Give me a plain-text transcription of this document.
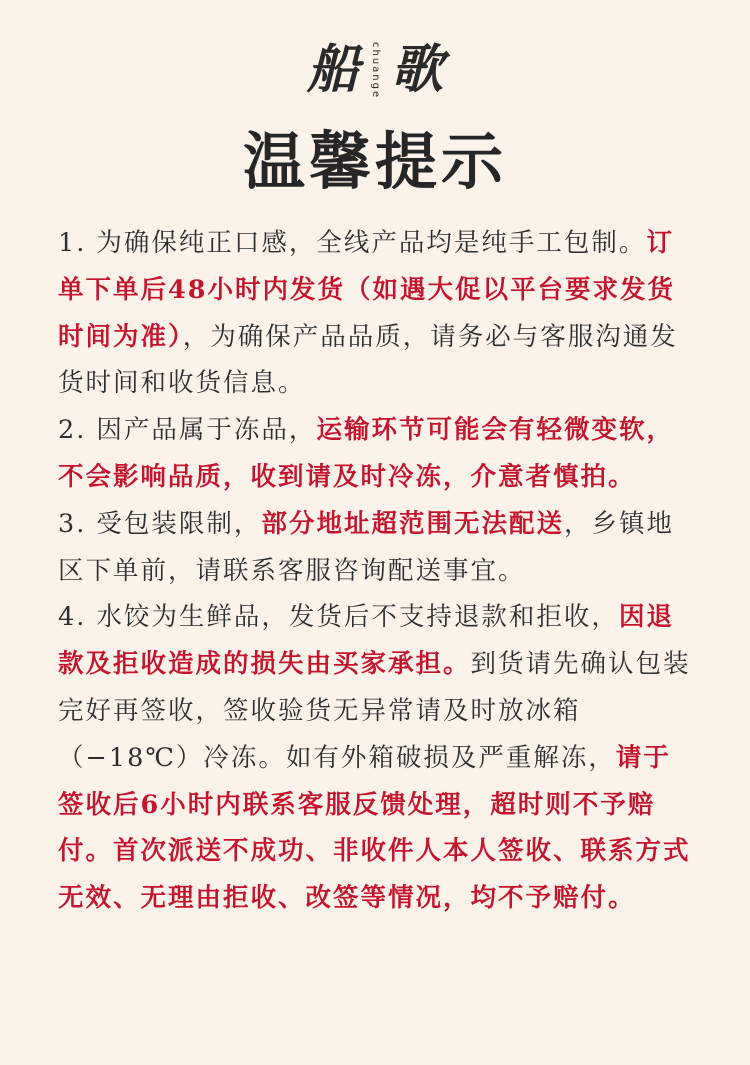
船 chuange 歌
温馨提示

1. 为确保纯正口感，全线产品均是纯手工包制。订单下单后48小时内发货（如遇大促以平台要求发货时间为准），为确保产品品质，请务必与客服沟通发货时间和收货信息。

2. 因产品属于冻品，运输环节可能会有轻微变软，不会影响品质，收到请及时冷冻，介意者慎拍。

3. 受包装限制，部分地址超范围无法配送，乡镇地区下单前，请联系客服咨询配送事宜。

4. 水饺为生鲜品，发货后不支持退款和拒收，因退款及拒收造成的损失由买家承担。到货请先确认包装完好再签收，签收验货无异常请及时放冰箱（−18℃）冷冻。如有外箱破损及严重解冻，请于签收后6小时内联系客服反馈处理，超时则不予赔付。首次派送不成功、非收件人本人签收、联系方式无效、无理由拒收、改签等情况，均不予赔付。
